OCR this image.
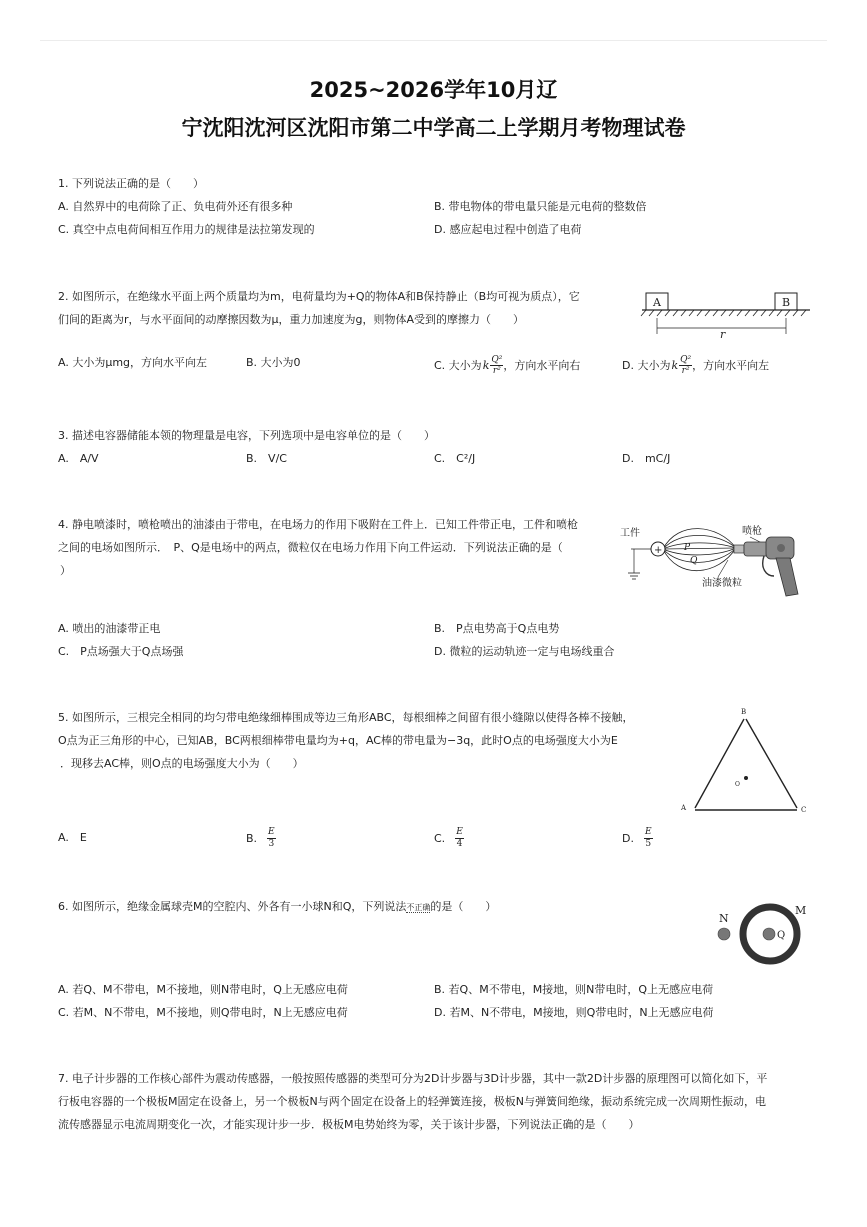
2025~2026学年10月辽
宁沈阳沈河区沈阳市第二中学高二上学期月考物理试卷
1. 下列说法正确的是（　　）
A. 自然界中的电荷除了正、负电荷外还有很多种	B. 带电物体的带电量只能是元电荷的整数倍
C. 真空中点电荷间相互作用力的规律是法拉第发现的	D. 感应起电过程中创造了电荷
2. 如图所示，在绝缘水平面上两个质量均为m，电荷量均为+Q的物体A和B保持静止（B均可视为质点），它
们间的距离为r，与水平面间的动摩擦因数为μ，重力加速度为g，则物体A受到的摩擦力（　　）
A	B
r
A. 大小为μmg，方向水平向左	B. 大小为0	C. 大小为 k $\frac{\text{Q²}}{\text{r²}}$ ，方向水平向右	D. 大小为 k $\frac{\text{Q²}}{\text{r²}}$ ，方向水平向左
3. 描述电容器储能本领的物理量是电容，下列选项中是电容单位的是（　　）
A.　A/V	B.　V/C	C.　C²/J	D.　mC/J
4. 静电喷漆时，喷枪喷出的油漆由于带电，在电场力的作用下吸附在工件上．已知工件带正电，工件和喷枪
之间的电场如图所示．　P、Q是电场中的两点，微粒仅在电场力作用下向工件运动．下列说法正确的是（
）
工件	喷枪
+ P
Q
油漆微粒
A. 喷出的油漆带正电	B.　P点电势高于Q点电势
C.　P点场强大于Q点场强	D. 微粒的运动轨迹一定与电场线重合
5. 如图所示，三根完全相同的均匀带电绝缘细棒围成等边三角形ABC，每根细棒之间留有很小缝隙以使得各棒不接触，
O点为正三角形的中心，已知AB，BC两根细棒带电量均为+q，AC棒的带电量为−3q，此时O点的电场强度大小为E
．现移去AC棒，则O点的电场强度大小为（　　）
B
A	C
O
A.　E	B. $\frac{E}{3}$	C. $\frac{E}{4}$	D. $\frac{E}{5}$
6. 如图所示，绝缘金属球壳M的空腔内、外各有一小球N和Q，下列说法不正确的是（　　）
N
M
Q
A. 若Q、M不带电，M不接地，则N带电时，Q上无感应电荷	B. 若Q、M不带电，M接地，则N带电时，Q上无感应电荷
C. 若M、N不带电，M不接地，则Q带电时，N上无感应电荷	D. 若M、N不带电，M接地，则Q带电时，N上无感应电荷
7. 电子计步器的工作核心部件为震动传感器，一般按照传感器的类型可分为2D计步器与3D计步器，其中一款2D计步器的原理图可以简化如下，平
行板电容器的一个极板M固定在设备上，另一个极板N与两个固定在设备上的轻弹簧连接，极板N与弹簧间绝缘，振动系统完成一次周期性振动，电
流传感器显示电流周期变化一次，才能实现计步一步．极板M电势始终为零，关于该计步器，下列说法正确的是（　　）
